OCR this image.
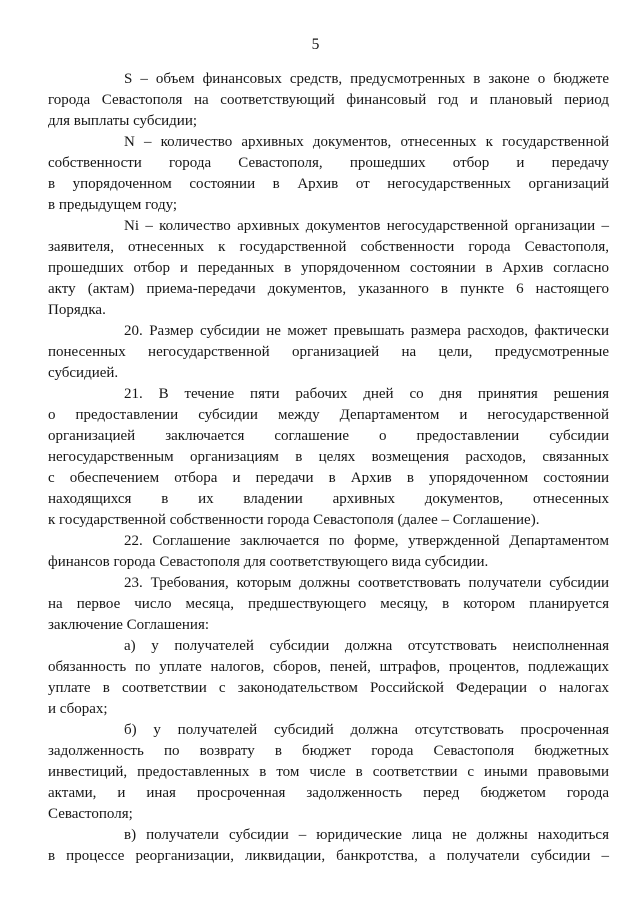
5
S – объем финансовых средств, предусмотренных в законе о бюджете
города Севастополя на соответствующий финансовый год и плановый период
для выплаты субсидии;
N – количество архивных документов, отнесенных к государственной
собственности города Севастополя, прошедших отбор и передачу
в упорядоченном состоянии в Архив от негосударственных организаций
в предыдущем году;
Ni – количество архивных документов негосударственной организации –
заявителя, отнесенных к государственной собственности города Севастополя,
прошедших отбор и переданных в упорядоченном состоянии в Архив согласно
акту (актам) приема-передачи документов, указанного в пункте 6 настоящего
Порядка.
20. Размер субсидии не может превышать размера расходов, фактически
понесенных негосударственной организацией на цели, предусмотренные
субсидией.
21. В течение пяти рабочих дней со дня принятия решения
о предоставлении субсидии между Департаментом и негосударственной
организацией заключается соглашение о предоставлении субсидии
негосударственным организациям в целях возмещения расходов, связанных
с обеспечением отбора и передачи в Архив в упорядоченном состоянии
находящихся в их владении архивных документов, отнесенных
к государственной собственности города Севастополя (далее – Соглашение).
22. Соглашение заключается по форме, утвержденной Департаментом
финансов города Севастополя для соответствующего вида субсидии.
23. Требования, которым должны соответствовать получатели субсидии
на первое число месяца, предшествующего месяцу, в котором планируется
заключение Соглашения:
а) у получателей субсидии должна отсутствовать неисполненная
обязанность по уплате налогов, сборов, пеней, штрафов, процентов, подлежащих
уплате в соответствии с законодательством Российской Федерации о налогах
и сборах;
б) у получателей субсидий должна отсутствовать просроченная
задолженность по возврату в бюджет города Севастополя бюджетных
инвестиций, предоставленных в том числе в соответствии с иными правовыми
актами, и иная просроченная задолженность перед бюджетом города
Севастополя;
в) получатели субсидии – юридические лица не должны находиться
в процессе реорганизации, ликвидации, банкротства, а получатели субсидии –
